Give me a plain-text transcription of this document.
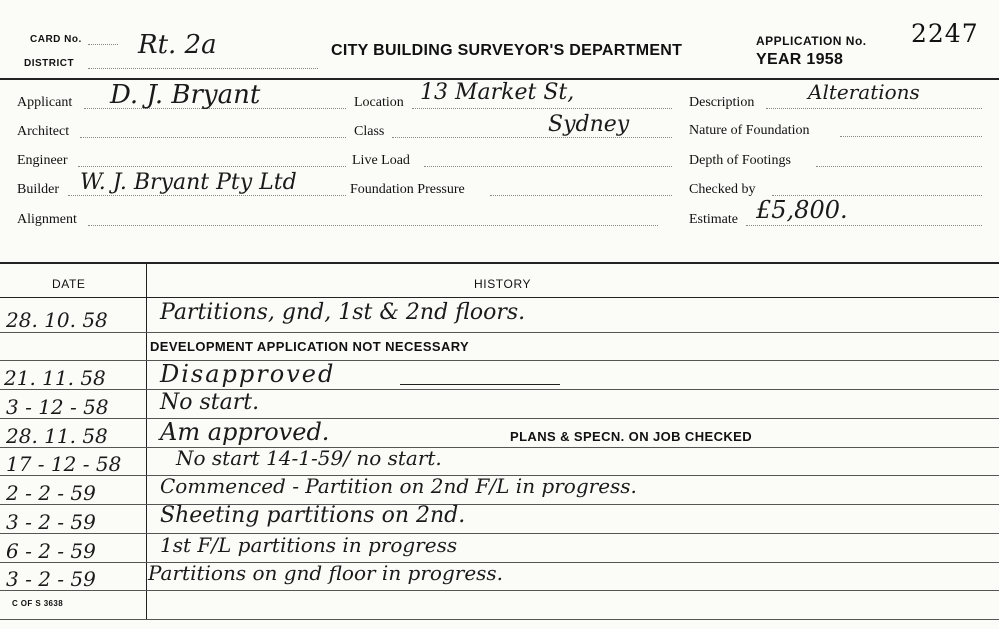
CARD No.
DISTRICT
Rt. 2a	CITY BUILDING SURVEYOR'S DEPARTMENT
APPLICATION No. 2247
YEAR 1958
Applicant D. J. Bryant
Architect
Engineer
Builder W. J. Bryant Pty Ltd
Alignment
Location 13 Market St,
Class	Sydney
Live Load
Foundation Pressure
Description	Alterations
Nature of Foundation
Depth of Footings
Checked by
Estimate £5,800.
DATE	HISTORY
28. 10. 58 Partitions, gnd, 1st & 2nd floors.
DEVELOPMENT APPLICATION NOT NECESSARY
21. 11. 58 Disapproved
3 - 12 - 58 No start.
28. 11. 58 Am approved.	PLANS & SPECN. ON JOB CHECKED
17 - 12 - 58	No start 14-1-59/ no start.
2 - 2 - 59	Commenced - Partition on 2nd F/L in progress.
3 - 2 - 59	Sheeting partitions on 2nd.
6 - 2 - 59	1st F/L partitions in progress
3 - 2 - 59	Partitions on gnd floor in progress.
C OF S 3638
